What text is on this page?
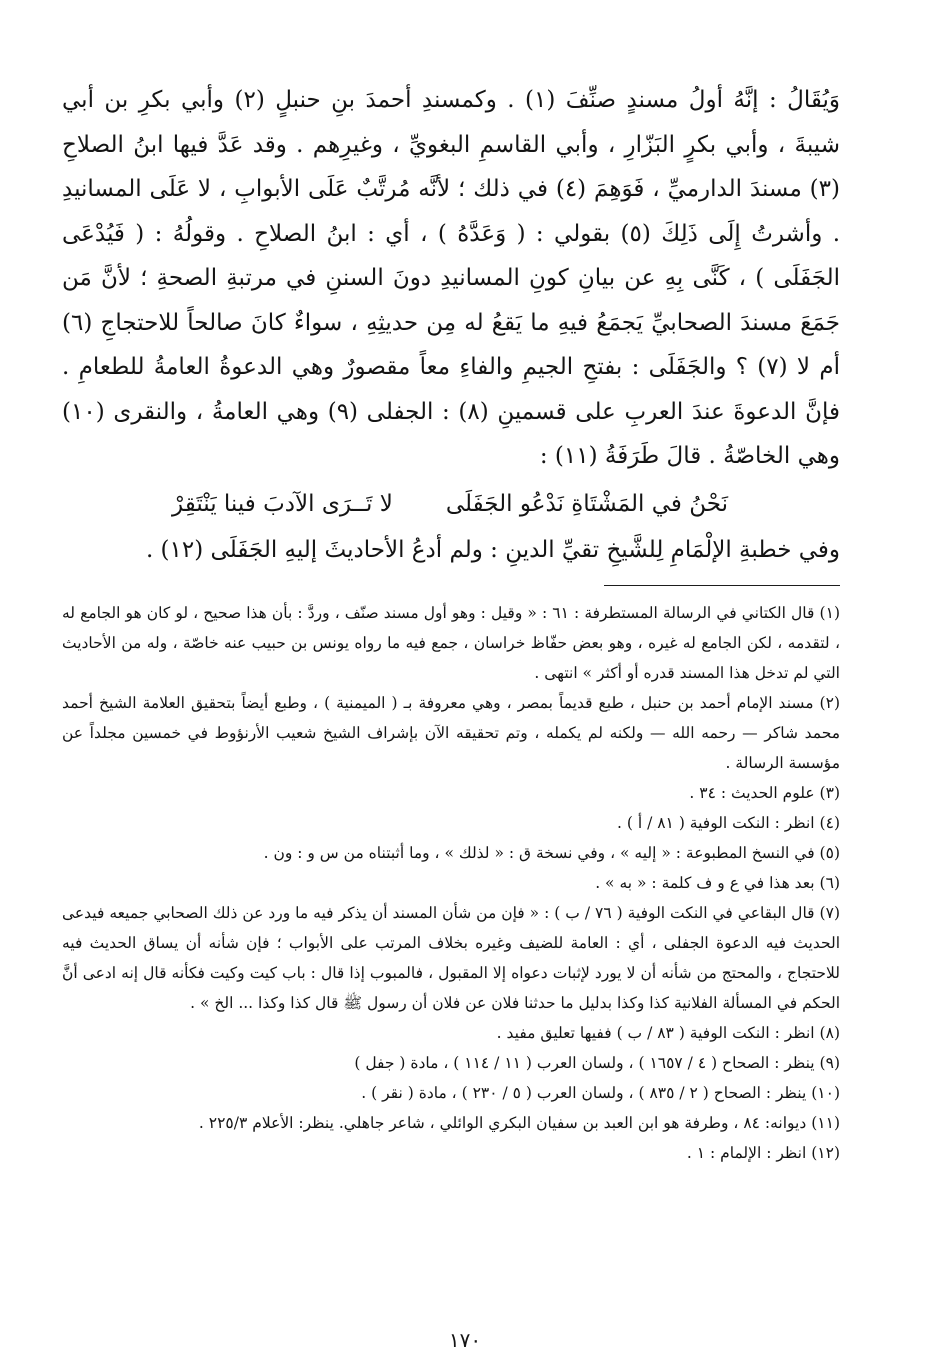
وَيُقَالُ : إنَّهُ أولُ مسندٍ صنِّفَ (١) . وكمسندِ أحمدَ بنِ حنبلٍ (٢) وأبي بكرِ بن أبي شيبةَ ، وأبي بكرٍ البَزّارِ ، وأبي القاسمِ البغويِّ ، وغيرِهم . وقد عَدَّ فيها ابنُ الصلاحِ (٣) مسندَ الدارميِّ ، فَوَهِمَ (٤) في ذلك ؛ لأنَّه مُرتَّبٌ عَلَى الأبوابِ ، لا عَلَى المسانيدِ . وأشرتُ إِلَى ذَلِكَ (٥) بقولي : ( وَعَدَّهُ ) ، أي : ابنُ الصلاحِ . وقولُهُ : ( فَيُدْعَى الجَفَلَى ) ، كَنَّى بِهِ عن بيانِ كونِ المسانيدِ دونَ السننِ في مرتبةِ الصحةِ ؛ لأنَّ مَن جَمَعَ مسندَ الصحابيِّ يَجمَعُ فيهِ ما يَقعُ له مِن حديثِهِ ، سواءٌ كانَ صالحاً للاحتجاجِ (٦) أم لا (٧) ؟ والجَفَلَى : بفتحِ الجيمِ والفاءِ معاً مقصورٌ وهي الدعوةُ العامةُ للطعامِ . فإنَّ الدعوةَ عندَ العربِ على قسمينِ (٨) : الجفلى (٩) وهي العامةُ ، والنقرى (١٠) وهي الخاصّةُ . قالَ طَرَفَةُ (١١) :

نَحْنُ في المَشْتَاةِ نَدْعُو الجَفَلَى
لا تَــرَى الآدبَ فينا يَنْتَقِرْ

وفي خطبةِ الإلْمَامِ لِلشَّيخِ تقيِّ الدينِ : ولم أدعُ الأحاديثَ إليهِ الجَفَلَى (١٢) .

(١) قال الكتاني في الرسالة المستطرفة : ٦١ : « وقيل : وهو أول مسند صنّف ، وردَّ : بأن هذا صحيح ، لو كان هو الجامع له ، لتقدمه ، لكن الجامع له غيره ، وهو بعض حفّاظ خراسان ، جمع فيه ما رواه يونس بن حبيب عنه خاصّة ، وله من الأحاديث التي لم تدخل هذا المسند قدره أو أكثر » انتهى .

(٢) مسند الإمام أحمد بن حنبل ، طبع قديماً بمصر ، وهي معروفة بـ ( الميمنية ) ، وطبع أيضاً بتحقيق العلامة الشيخ أحمد محمد شاكر — رحمه الله — ولكنه لم يكمله ، وتم تحقيقه الآن بإشراف الشيخ شعيب الأرنؤوط في خمسين مجلداً عن مؤسسة الرسالة .

(٣) علوم الحديث : ٣٤ .

(٤) انظر : النكت الوفية ( ٨١ / أ ) .

(٥) في النسخ المطبوعة : « إليه » ، وفي نسخة ق : « لذلك » ، وما أثبتناه من س و : ون .

(٦) بعد هذا في ع و ف كلمة : « به » .

(٧) قال البقاعي في النكت الوفية ( ٧٦ / ب ) : « فإن من شأن المسند أن يذكر فيه ما ورد عن ذلك الصحابي جميعه فيدعى الحديث فيه الدعوة الجفلى ، أي : العامة للضيف وغيره بخلاف المرتب على الأبواب ؛ فإن شأنه أن يساق الحديث فيه للاحتجاج ، والمحتج من شأنه أن لا يورد لإثبات دعواه إلا المقبول ، فالمبوب إذا قال : باب كيت وكيت فكأنه قال إنه ادعى أنَّ الحكم في المسألة الفلانية كذا وكذا بدليل ما حدثنا فلان عن فلان أن رسول ﷺ قال كذا وكذا ... الخ » .

(٨) انظر : النكت الوفية ( ٨٣ / ب ) ففيها تعليق مفيد .

(٩) ينظر : الصحاح ( ٤ / ١٦٥٧ ) ، ولسان العرب ( ١١ / ١١٤ ) ، مادة ( جفل )

(١٠) ينظر : الصحاح ( ٢ / ٨٣٥ ) ، ولسان العرب ( ٥ / ٢٣٠ ) ، مادة ( نقر ) .

(١١) ديوانه: ٨٤ ، وطرفة هو ابن العبد بن سفيان البكري الوائلي ، شاعر جاهلي. ينظر: الأعلام ٢٢٥/٣ .

(١٢) انظر : الإلمام : ١ .

١٧٠
